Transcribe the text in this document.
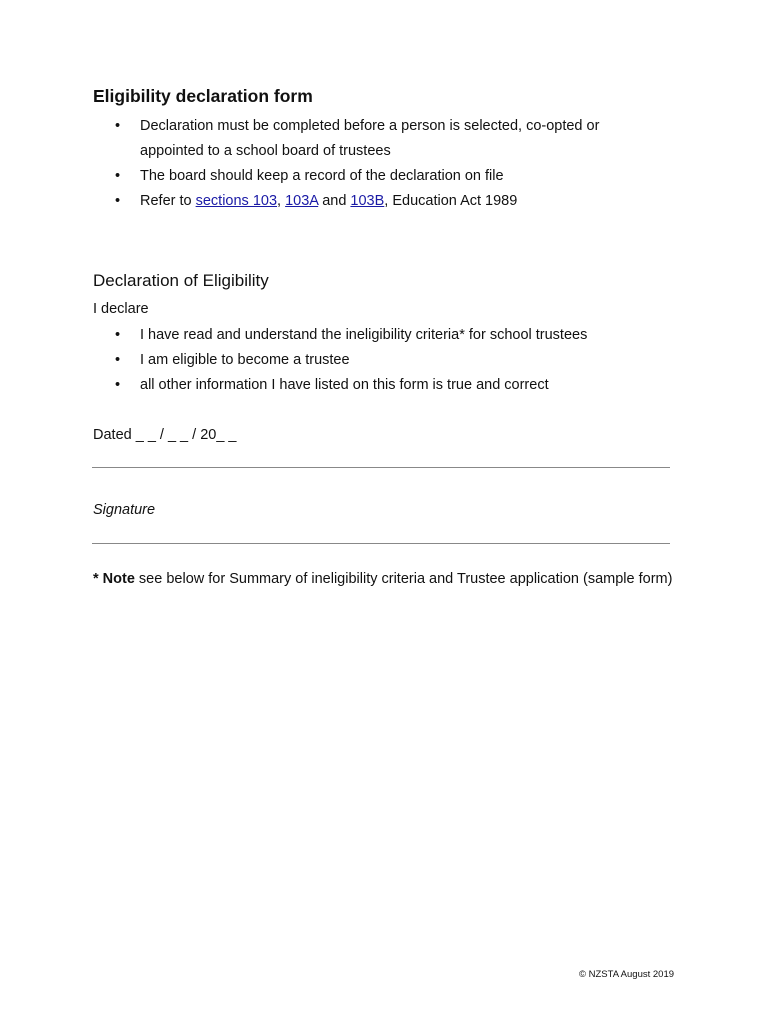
Eligibility declaration form
• Declaration must be completed before a person is selected, co-opted or appointed to a school board of trustees
• The board should keep a record of the declaration on file
• Refer to sections 103, 103A and 103B, Education Act 1989
Declaration of Eligibility
I declare
• I have read and understand the ineligibility criteria* for school trustees
• I am eligible to become a trustee
• all other information I have listed on this form is true and correct
Dated _ _ / _ _ / 20_ _
Signature
* Note see below for Summary of ineligibility criteria and Trustee application (sample form)
© NZSTA August 2019
